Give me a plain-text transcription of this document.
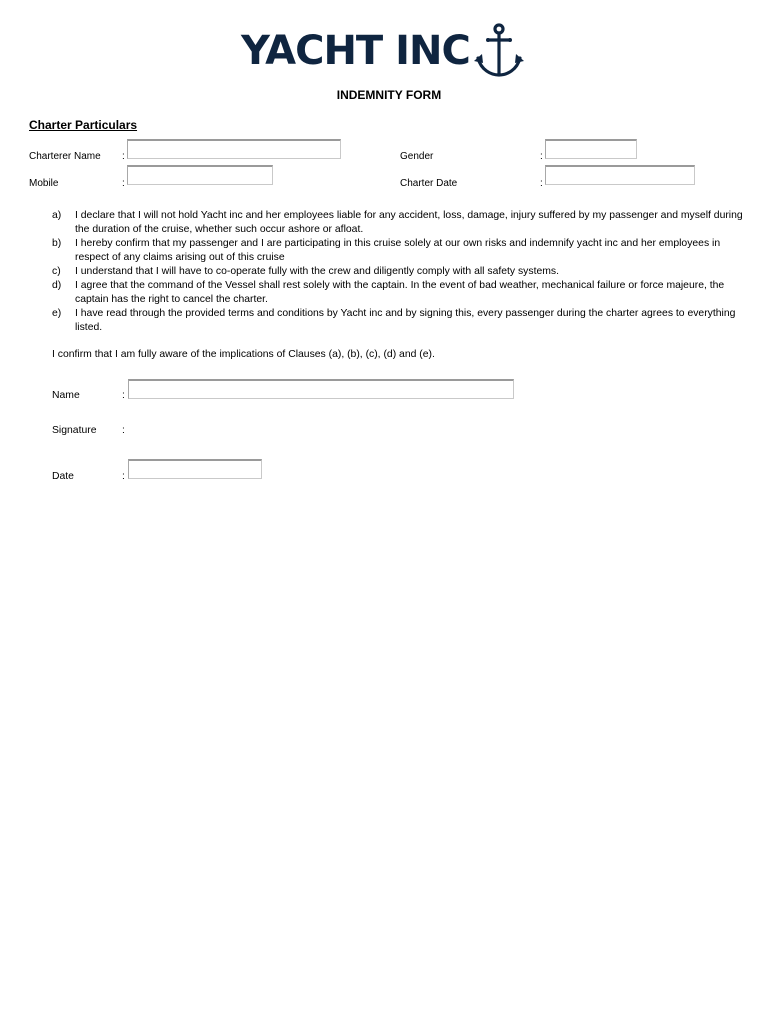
YACHT INC
INDEMNITY FORM
Charter Particulars
Charterer Name :	Gender	:
Mobile	:	Charter Date	:
a)	I declare that I will not hold Yacht inc and her employees liable for any accident, loss, damage, injury suffered by my passenger and myself during the duration of the cruise, whether such occur ashore or afloat.
b)	I hereby confirm that my passenger and I are participating in this cruise solely at our own risks and indemnify yacht inc and her employees in respect of any claims arising out of this cruise
c)	I understand that I will have to co-operate fully with the crew and diligently comply with all safety systems.
d)	I agree that the command of the Vessel shall rest solely with the captain. In the event of bad weather, mechanical failure or force majeure, the captain has the right to cancel the charter.
e)	I have read through the provided terms and conditions by Yacht inc and by signing this, every passenger during the charter agrees to everything listed.
I confirm that I am fully aware of the implications of Clauses (a), (b), (c), (d) and (e).
Name	:
Signature :
Date	:
